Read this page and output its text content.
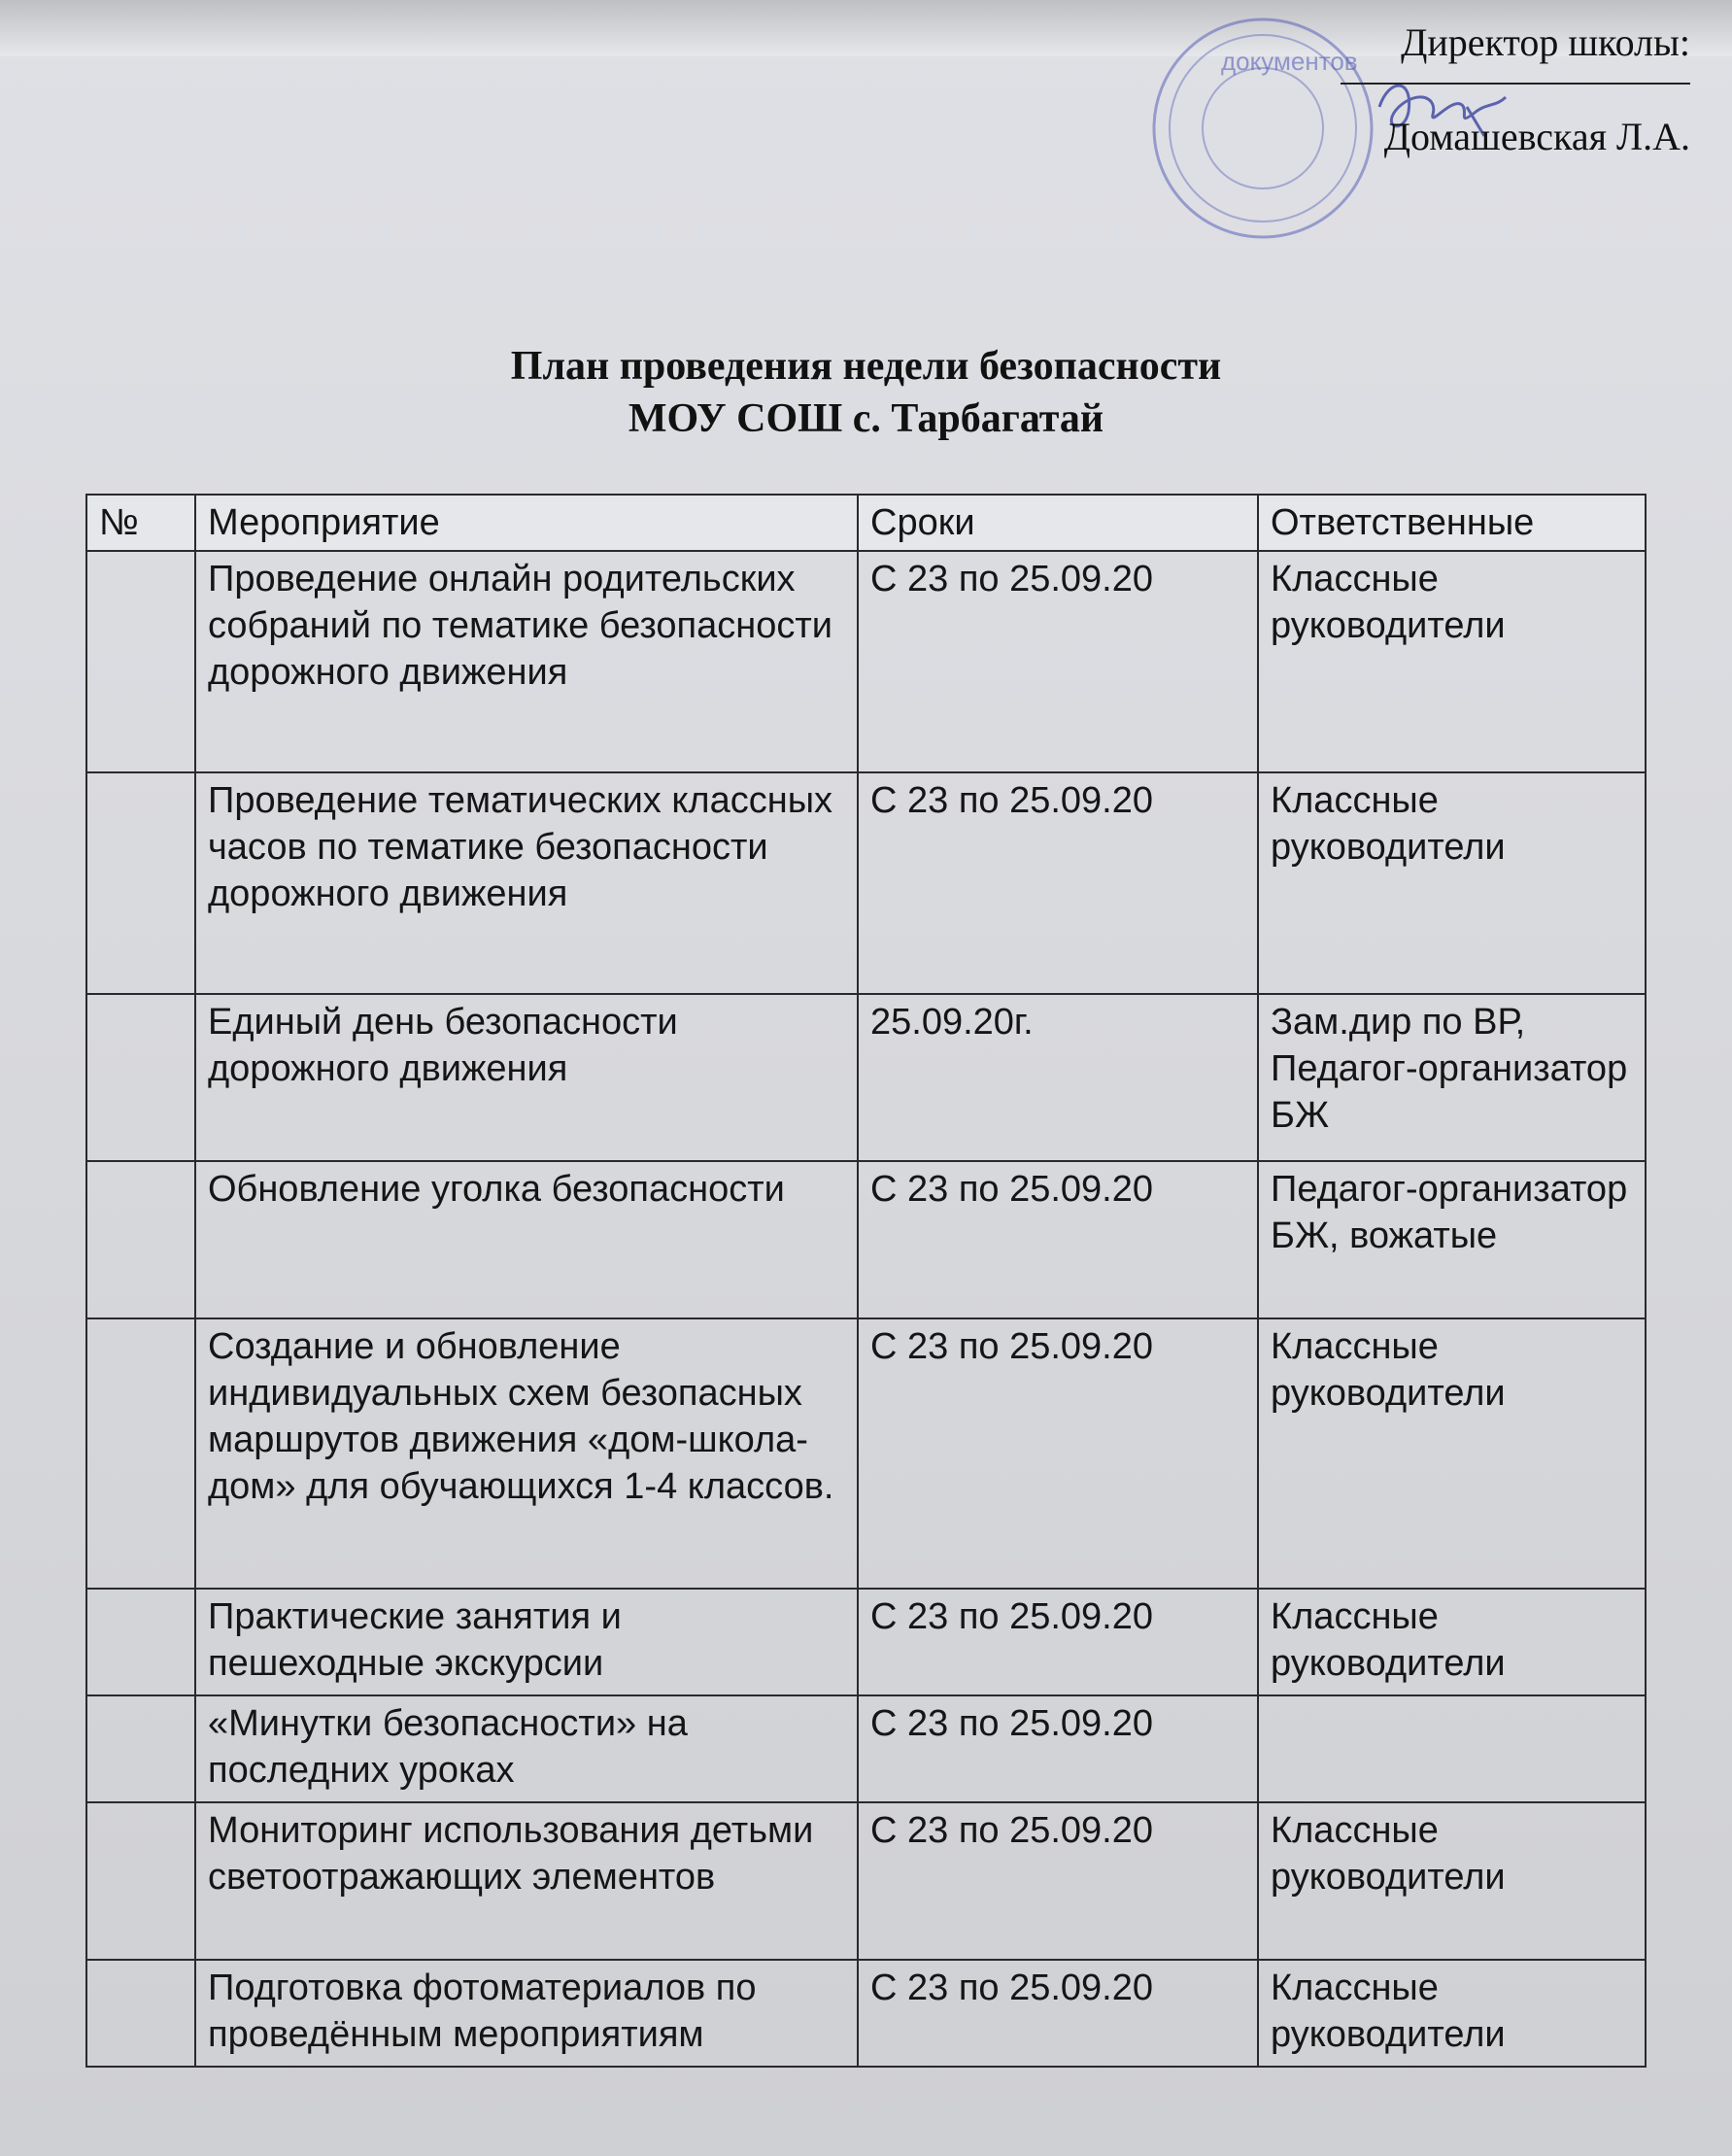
документов	Директор школы:
Домашевская Л.А.
План проведения недели безопасности
МОУ СОШ с. Тарбагатай
№	Мероприятие	Сроки	Ответственные
	Проведение онлайн родительских собраний по тематике безопасности дорожного движения	С 23 по 25.09.20	Классные руководители
	Проведение тематических классных часов по тематике безопасности дорожного движения	С 23 по 25.09.20	Классные руководители
	Единый день безопасности дорожного движения	25.09.20г.	Зам.дир по ВР, Педагог-организатор БЖ
	Обновление уголка безопасности	С 23 по 25.09.20	Педагог-организатор БЖ, вожатые
	Создание и обновление индивидуальных схем безопасных маршрутов движения «дом-школа-дом» для обучающихся 1-4 классов.	С 23 по 25.09.20	Классные руководители
	Практические занятия и пешеходные экскурсии	С 23 по 25.09.20	Классные руководители
	«Минутки безопасности» на последних уроках	С 23 по 25.09.20	
	Мониторинг использования детьми светоотражающих элементов	С 23 по 25.09.20	Классные руководители
	Подготовка фотоматериалов по проведённым мероприятиям	С 23 по 25.09.20	Классные руководители
